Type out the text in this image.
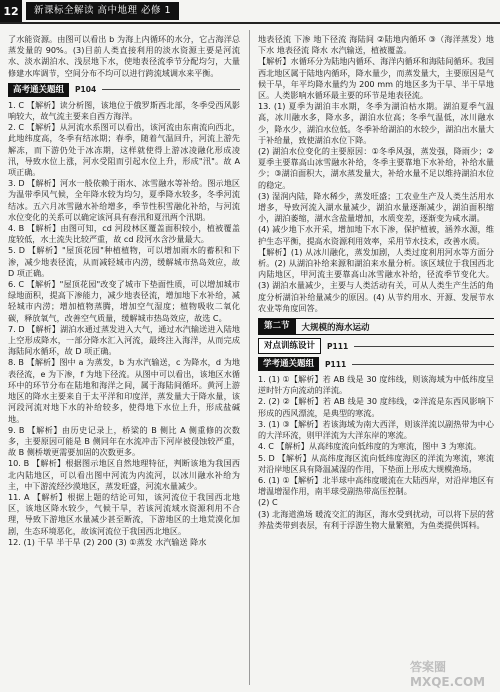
12	新课标全解读 高中地理 必修 1

了水能资源。由图可以看出 b 为海上内循环的水分，它占海洋总蒸发量的 90%。(3)目前人类直接利用的淡水资源主要是河流水、淡水湖泊水、浅层地下水，使地表径流季节分配均匀，大量修建水库调节，空间分布不均可以进行跨流域调水来平衡。

高考通关题组	P104

1. C 【解析】读分析图，该地位于俄罗斯西北部，冬季受西风影响较大，故气流主要来自西方海洋。

2. C 【解析】从河流水系图可以看出，该河流由东南流向西北，此地纬度高，冬季有结冰期；春季，随着气温回升，河流上游先解冻，而下游仍处于冰冻期，这样就使得上游冰凌融化形成凌汛，导致水位上涨，河水受阻而引起水位上升，形成"汛"。故 A 项正确。

3. D 【解析】河水一般依赖于雨水、冰雪融水等补给。图示地区为温带季风气候，全年降水较为均匀，夏季降水较多，冬季河流结冰。五六月冰雪融水补给增多，季节性积雪融化补给，与河流水位变化的关系可以确定该河具有春汛和夏汛两个汛期。

4. B 【解析】由图可知，cd 河段林区覆盖面积较小，植被覆盖度较低，水土流失比较严重，故 cd 段河水含沙量最大。

5. D 【解析】"屋顶花园"种植植物，可以增加雨水的蓄积和下渗，减少地表径流，从而减轻城市内涝，缓解城市热岛效应，故 D 项正确。

6. C 【解析】"屋顶花园"改变了城市下垫面性质，可以增加城市绿地面积，提高下渗能力，减少地表径流，增加地下水补给，减轻城市内涝；增加植物蒸腾，增加空气湿度；植物吸收二氧化碳，释放氧气，改善空气质量，缓解城市热岛效应，故选 C。

7. D 【解析】湖泊水通过蒸发进入大气，通过水汽输送进入陆地上空形成降水，一部分降水汇入河流，最终注入海洋，从而完成海陆间水循环，故 D 项正确。

8. B 【解析】图中 a 为蒸发，b 为水汽输送，c 为降水，d 为地表径流，e 为下渗，f 为地下径流。从图中可以看出，该地区水循环中的环节分布在陆地和海洋之间，属于海陆间循环。黄河上游地区的降水主要来自于太平洋和印度洋，蒸发量大于降水量，该河段河流对地下水的补给较多，使得地下水位上升，形成盐碱地。

9. B 【解析】由历史记录上，桥梁的 B 侧比 A 侧重修的次数多，主要原因可能是 B 侧同年在水流冲击下河岸被侵蚀较严重，故 B 侧桥墩更需要加固的次数更多。

10. B 【解析】根据图示地区自然地理特征，判断该地为我国西北内陆地区，可以看出图中河流为内流河，以冰川融水补给为主，中下游流经沙漠地区，蒸发旺盛，河流水量减少。

11. A 【解析】根据上题的结论可知，该河流位于我国西北地区，该地区降水较少，气候干旱，若该河流域水资源利用不合理，导致下游地区水量减少甚至断流，下游地区的土地荒漠化加剧，生态环境恶化，故该河流位于我国西北地区。

12. (1) 干旱 半干旱 (2) 200 (3) ①蒸发 水汽输送 降水

地表径流 下渗 地下径流 海陆间 ②陆地内循环 ③（海洋蒸发）地下水 地表径流 降水 水汽输送，植被覆盖。

【解析】水循环分为陆地内循环、海洋内循环和海陆间循环。我国西北地区属于陆地内循环，降水量少，而蒸发量大，主要原因是气候干旱，年平均降水量约为 200 mm 的地区多为干旱、半干旱地区。人类影响水循环最主要的环节是地表径流。

13. (1) 夏季为湖泊丰水期，冬季为湖泊枯水期。湖泊夏季气温高，冰川融水多，降水多，湖泊水位高；冬季气温低，冰川融水少，降水少，湖泊水位低。冬季补给湖泊的水较少，湖泊出水量大于补给量，致使湖泊水位下降。

(2) 湖泊水位变化的主要原因：①冬季风强，蒸发强，降雨少；②夏季主要靠高山冰雪融水补给，冬季主要靠地下水补给，补给水量少；③湖泊面积大，湖水蒸发量大，补给水量不足以维持湖泊水位的稳定。

(3) 湿润内陆，降水稀少，蒸发旺盛；工农业生产及人类生活用水增多，导致河流入湖水量减少，湖泊水量逐渐减少，湖泊面积缩小，湖泊萎缩，湖水含盐量增加，水质变差，逐渐变为咸水湖。

(4) 减少地下水开采，增加地下水下渗，保护植被，涵养水源，维护生态平衡，提高水资源利用效率，采用节水技术，改善水质。

【解析】(1) 从冰川融化，蒸发加剧，人类过度利用河水等方面分析。(2) 从湖泊补给来源和湖泊来水量分析。该区域位于我国西北内陆地区，甲河流主要靠高山冰雪融水补给，径流季节变化大。(3) 湖泊水量减少，主要与人类活动有关，可从人类生产生活的角度分析湖泊补给量减少的原因。(4) 从节约用水、开源、发展节水农业等角度回答。

第二节	大规模的海水运动
对点训练设计	P111
学考通关题组	P111

1. (1) ①【解析】若 AB 线是 30 度纬线，则该海域为中低纬度呈逆时针方向流动的洋流。

2. (2) ②【解析】若 AB 线是 30 度纬线，②洋流是东西风影响下形成的西风漂流，是典型的寒流。

3. (1) ③【解析】若该海域为南大西洋，则该洋流以副热带为中心的大洋环流，则甲洋流为大洋东岸的寒流。

4. C 【解析】从高纬度流向低纬度的为寒流，图中 3 为寒流。

5. D 【解析】从高纬度海区流向低纬度海区的洋流为寒流，寒流对沿岸地区具有降温减湿的作用，下垫面上形成大规模渔场。

6. (1) ①【解析】北半球中高纬度暖流在大陆西岸，对沿岸地区有增温增湿作用，南半球受副热带高压控制。

(2) C

(3) 北海道渔场 暖流交汇的海区，海水受到扰动，可以将下层的营养盐类带到表层，有利于浮游生物大量繁殖，为鱼类提供饵料。

答案圈 MXQE.COM
